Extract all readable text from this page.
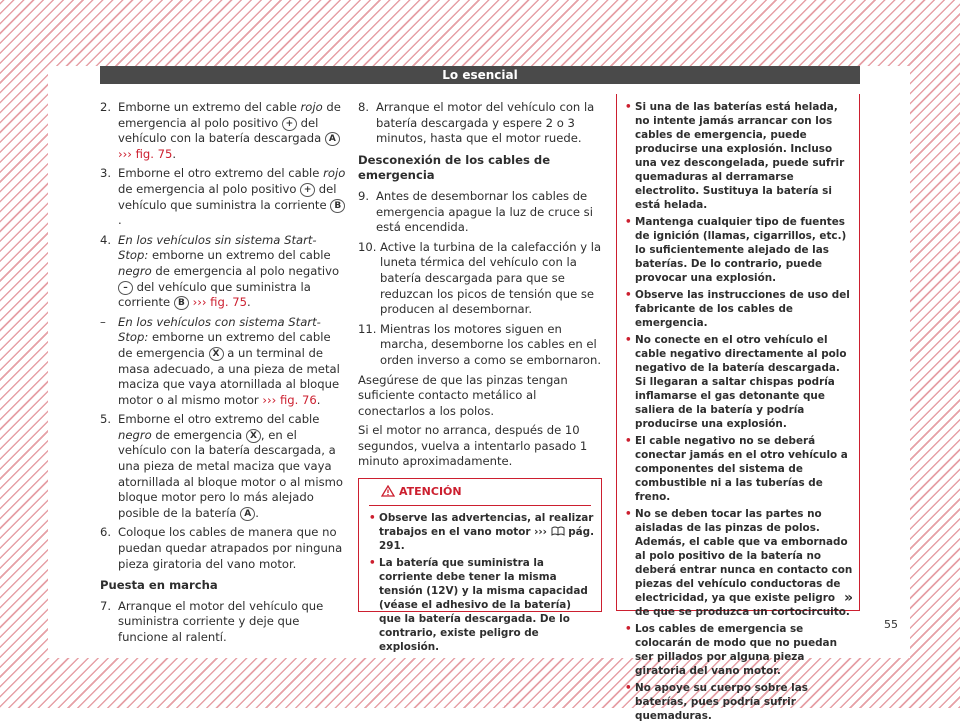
Lo esencial
2. Emborne un extremo del cable rojo de emergencia al polo positivo + del vehículo con la batería descargada A ››› fig. 75.
3. Emborne el otro extremo del cable rojo de emergencia al polo positivo + del vehículo que suministra la corriente B.
4. En los vehículos sin sistema Start-Stop: emborne un extremo del cable negro de emergencia al polo negativo – del vehículo que suministra la corriente B ››› fig. 75.
– En los vehículos con sistema Start-Stop: emborne un extremo del cable de emergencia X a un terminal de masa adecuado, a una pieza de metal maciza que vaya atornillada al bloque motor o al mismo motor ››› fig. 76.
5. Emborne el otro extremo del cable negro de emergencia X , en el vehículo con la batería descargada, a una pieza de metal maciza que vaya atornillada al bloque motor o al mismo bloque motor pero lo más alejado posible de la batería A .
6. Coloque los cables de manera que no puedan quedar atrapados por ninguna pieza giratoria del vano motor.
Puesta en marcha
7. Arranque el motor del vehículo que suministra corriente y deje que funcione al ralentí.
8. Arranque el motor del vehículo con la batería descargada y espere 2 o 3 minutos, hasta que el motor ruede.
Desconexión de los cables de emergencia
9. Antes de desembornar los cables de emergencia apague la luz de cruce si está encendida.
10. Active la turbina de la calefacción y la luneta térmica del vehículo con la batería descargada para que se reduzcan los picos de tensión que se producen al desembornar.
11. Mientras los motores siguen en marcha, desemborne los cables en el orden inverso a como se embornaron.
Asegúrese de que las pinzas tengan suficiente contacto metálico al conectarlos a los polos.
Si el motor no arranca, después de 10 segundos, vuelva a intentarlo pasado 1 minuto aproximadamente.
ATENCIÓN
• Observe las advertencias, al realizar trabajos en el vano motor ›››  pág. 291.
• La batería que suministra la corriente debe tener la misma tensión (12V) y la misma capacidad (véase el adhesivo de la batería) que la batería descargada. De lo contrario, existe peligro de explosión.
• Si una de las baterías está helada, no intente jamás arrancar con los cables de emergencia, puede producirse una explosión. Incluso una vez descongelada, puede sufrir quemaduras al derramarse electrolito. Sustituya la batería si está helada.
• Mantenga cualquier tipo de fuentes de ignición (llamas, cigarrillos, etc.) lo suficientemente alejado de las baterías. De lo contrario, puede provocar una explosión.
• Observe las instrucciones de uso del fabricante de los cables de emergencia.
• No conecte en el otro vehículo el cable negativo directamente al polo negativo de la batería descargada. Si llegaran a saltar chispas podría inflamarse el gas detonante que saliera de la batería y podría producirse una explosión.
• El cable negativo no se deberá conectar jamás en el otro vehículo a componentes del sistema de combustible ni a las tuberías de freno.
• No se deben tocar las partes no aisladas de las pinzas de polos. Además, el cable que va embornado al polo positivo de la batería no deberá entrar nunca en contacto con piezas del vehículo conductoras de electricidad, ya que existe peligro de que se produzca un cortocircuito.
• Los cables de emergencia se colocarán de modo que no puedan ser pillados por alguna pieza giratoria del vano motor.
• No apoye su cuerpo sobre las baterías, pues podría sufrir quemaduras.
»
55
